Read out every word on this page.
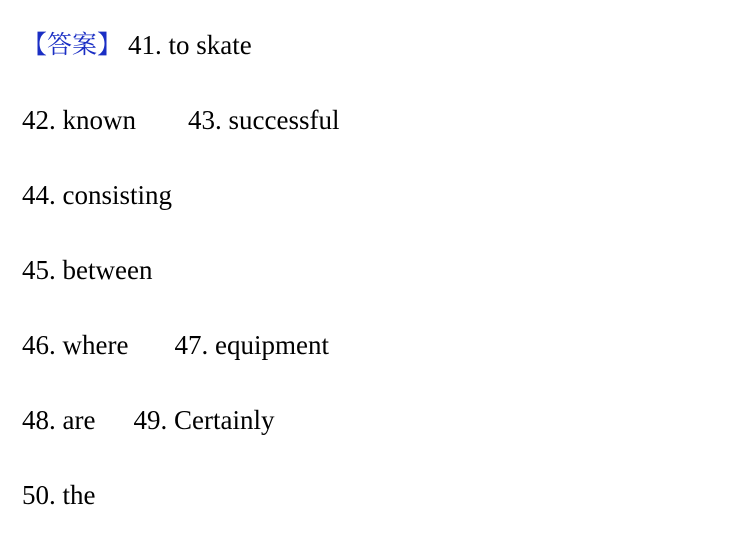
【答案】 41. to skate
42. known 43. successful
44. consisting
45. between
46. where 47. equipment
48. are 49. Certainly
50. the
